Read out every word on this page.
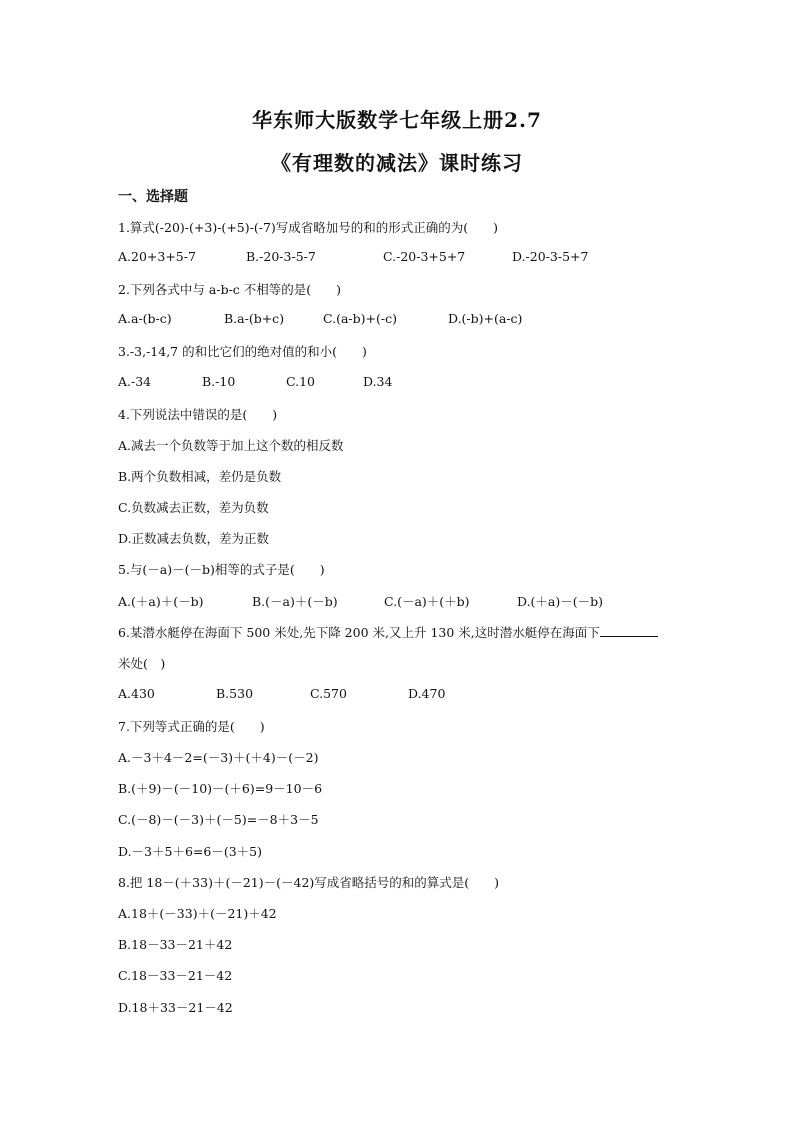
华东师大版数学七年级上册2.7
《有理数的减法》课时练习
一、选择题
1.算式(-20)-(+3)-(+5)-(-7)写成省略加号的和的形式正确的为(　　)
A.20+3+5-7	B.-20-3-5-7	C.-20-3+5+7	D.-20-3-5+7
2.下列各式中与 a-b-c 不相等的是(　　)
A.a-(b-c)	B.a-(b+c)	C.(a-b)+(-c)	D.(-b)+(a-c)
3.-3,-14,7 的和比它们的绝对值的和小(　　)
A.-34	B.-10	C.10	D.34
4.下列说法中错误的是(　　)
A.减去一个负数等于加上这个数的相反数
B.两个负数相减，差仍是负数
C.负数减去正数，差为负数
D.正数减去负数，差为正数
5.与(－a)－(－b)相等的式子是(　　)
A.(＋a)＋(－b)	B.(－a)＋(－b)	C.(－a)＋(＋b)	D.(＋a)－(－b)
6.某潜水艇停在海面下 500 米处,先下降 200 米,又上升 130 米,这时潜水艇停在海面下
米处(　)
A.430	B.530	C.570	D.470
7.下列等式正确的是(　　)
A.－3＋4－2=(－3)＋(＋4)－(－2)
B.(＋9)－(－10)－(＋6)=9－10－6
C.(－8)－(－3)＋(－5)=－8＋3－5
D.－3＋5＋6=6－(3＋5)
8.把 18－(＋33)＋(－21)－(－42)写成省略括号的和的算式是(　　)
A.18＋(－33)＋(－21)＋42
B.18－33－21＋42
C.18－33－21－42
D.18＋33－21－42
